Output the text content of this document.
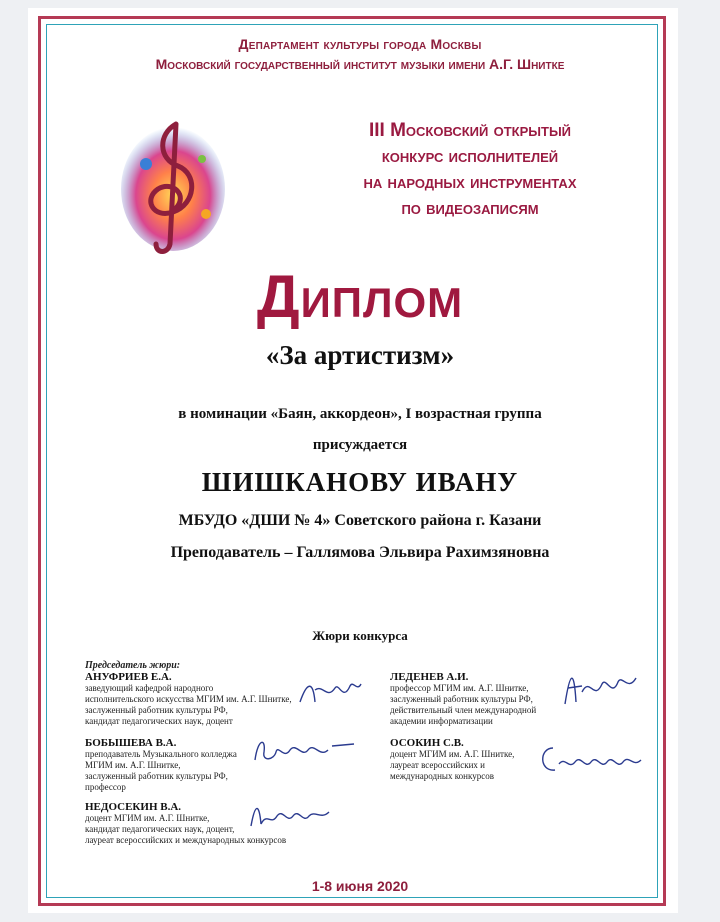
Департамент культуры города Москвы
Московский государственный институт музыки имени А.Г. Шнитке
III Московский открытый
конкурс исполнителей
на народных инструментах
по видеозаписям
Диплом
«За артистизм»
в номинации «Баян, аккордеон», I возрастная группа
присуждается
ШИШКАНОВУ ИВАНУ
МБУДО «ДШИ № 4» Советского района г. Казани
Преподаватель – Галлямова Эльвира Рахимзяновна
Жюри конкурса
Председатель жюри:
АНУФРИЕВ Е.А.
заведующий кафедрой народного
исполнительского искусства МГИМ им. А.Г. Шнитке,
заслуженный работник культуры РФ,
кандидат педагогических наук, доцент
ЛЕДЕНЕВ А.И.
профессор МГИМ им. А.Г. Шнитке,
заслуженный работник культуры РФ,
действительный член международной
академии информатизации
БОБЫШЕВА В.А.
преподаватель Музыкального колледжа
МГИМ им. А.Г. Шнитке,
заслуженный работник культуры РФ,
профессор
ОСОКИН С.В.
доцент МГИМ им. А.Г. Шнитке,
лауреат всероссийских и
международных конкурсов
НЕДОСЕКИН В.А.
доцент МГИМ им. А.Г. Шнитке,
кандидат педагогических наук, доцент,
лауреат всероссийских и международных конкурсов
1-8 июня 2020
